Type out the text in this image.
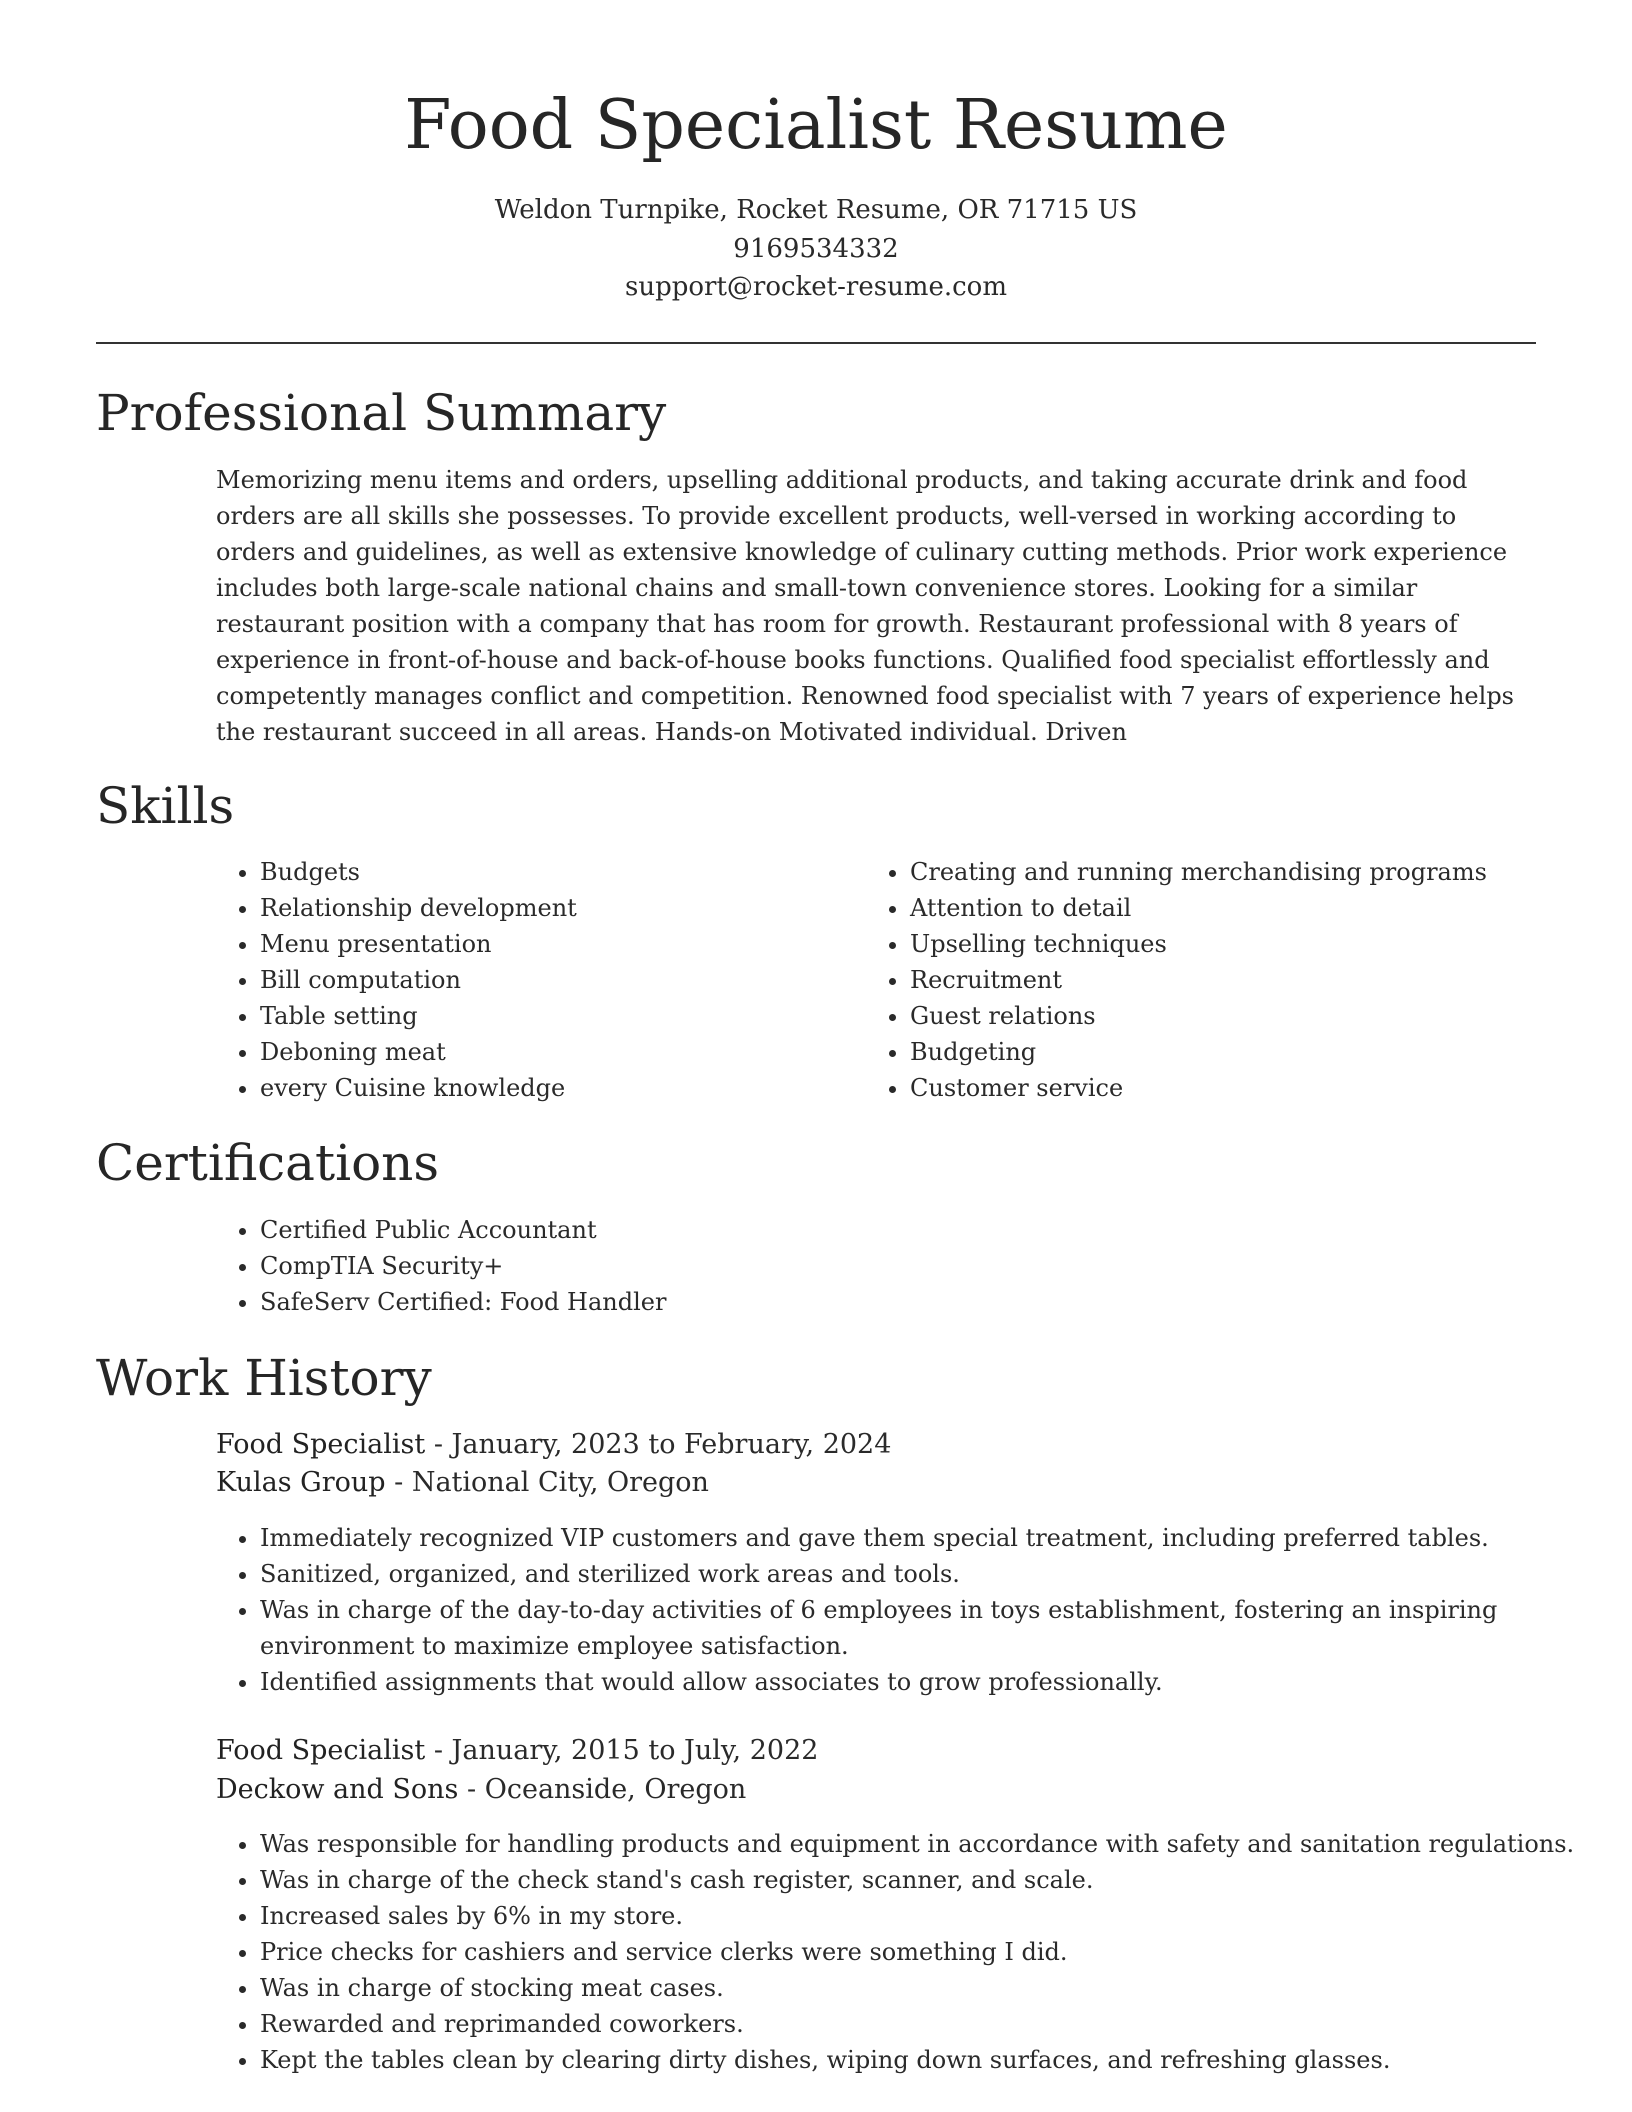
Food Specialist Resume
Weldon Turnpike, Rocket Resume, OR 71715 US
9169534332
support@rocket-resume.com
Professional Summary

Memorizing menu items and orders, upselling additional products, and taking accurate drink and food orders are all skills she possesses. To provide excellent products, well-versed in working according to orders and guidelines, as well as extensive knowledge of culinary cutting methods. Prior work experience includes both large-scale national chains and small-town convenience stores. Looking for a similar restaurant position with a company that has room for growth. Restaurant professional with 8 years of experience in front-of-house and back-of-house books functions. Qualified food specialist effortlessly and competently manages conflict and competition. Renowned food specialist with 7 years of experience helps the restaurant succeed in all areas. Hands-on Motivated individual. Driven

Skills
• Budgets
• Relationship development
• Menu presentation
• Bill computation
• Table setting
• Deboning meat
• every Cuisine knowledge
• Creating and running merchandising programs
• Attention to detail
• Upselling techniques
• Recruitment
• Guest relations
• Budgeting
• Customer service
Certifications
• Certified Public Accountant
• CompTIA Security+
• SafeServ Certified: Food Handler
Work History
Food Specialist - January, 2023 to February, 2024
Kulas Group - National City, Oregon
• Immediately recognized VIP customers and gave them special treatment, including preferred tables.
• Sanitized, organized, and sterilized work areas and tools.
• Was in charge of the day-to-day activities of 6 employees in toys establishment, fostering an inspiring environment to maximize employee satisfaction.
• Identified assignments that would allow associates to grow professionally.
Food Specialist - January, 2015 to July, 2022
Deckow and Sons - Oceanside, Oregon
• Was responsible for handling products and equipment in accordance with safety and sanitation regulations.
• Was in charge of the check stand's cash register, scanner, and scale.
• Increased sales by 6% in my store.
• Price checks for cashiers and service clerks were something I did.
• Was in charge of stocking meat cases.
• Rewarded and reprimanded coworkers.
• Kept the tables clean by clearing dirty dishes, wiping down surfaces, and refreshing glasses.
